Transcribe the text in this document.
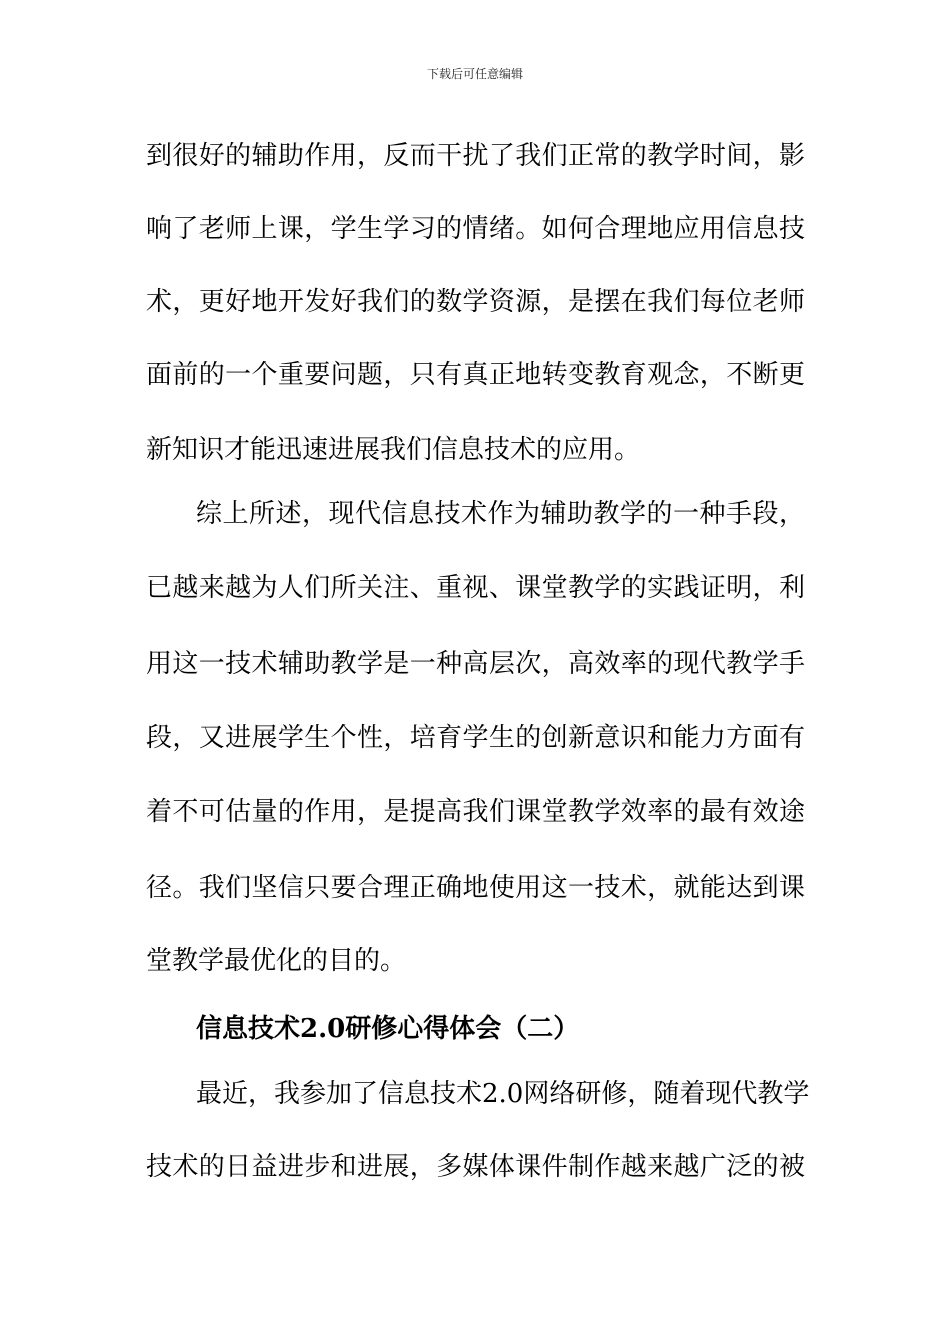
下载后可任意编辑
到很好的辅助作用，反而干扰了我们正常的教学时间，影
响了老师上课，学生学习的情绪。如何合理地应用信息技
术，更好地开发好我们的数学资源，是摆在我们每位老师
面前的一个重要问题，只有真正地转变教育观念，不断更
新知识才能迅速进展我们信息技术的应用。
综上所述，现代信息技术作为辅助教学的一种手段，
已越来越为人们所关注、重视、课堂教学的实践证明，利
用这一技术辅助教学是一种高层次，高效率的现代教学手
段，又进展学生个性，培育学生的创新意识和能力方面有
着不可估量的作用，是提高我们课堂教学效率的最有效途
径。我们坚信只要合理正确地使用这一技术，就能达到课
堂教学最优化的目的。
信息技术2.0研修心得体会（二）
最近，我参加了信息技术2.0网络研修，随着现代教学
技术的日益进步和进展，多媒体课件制作越来越广泛的被
